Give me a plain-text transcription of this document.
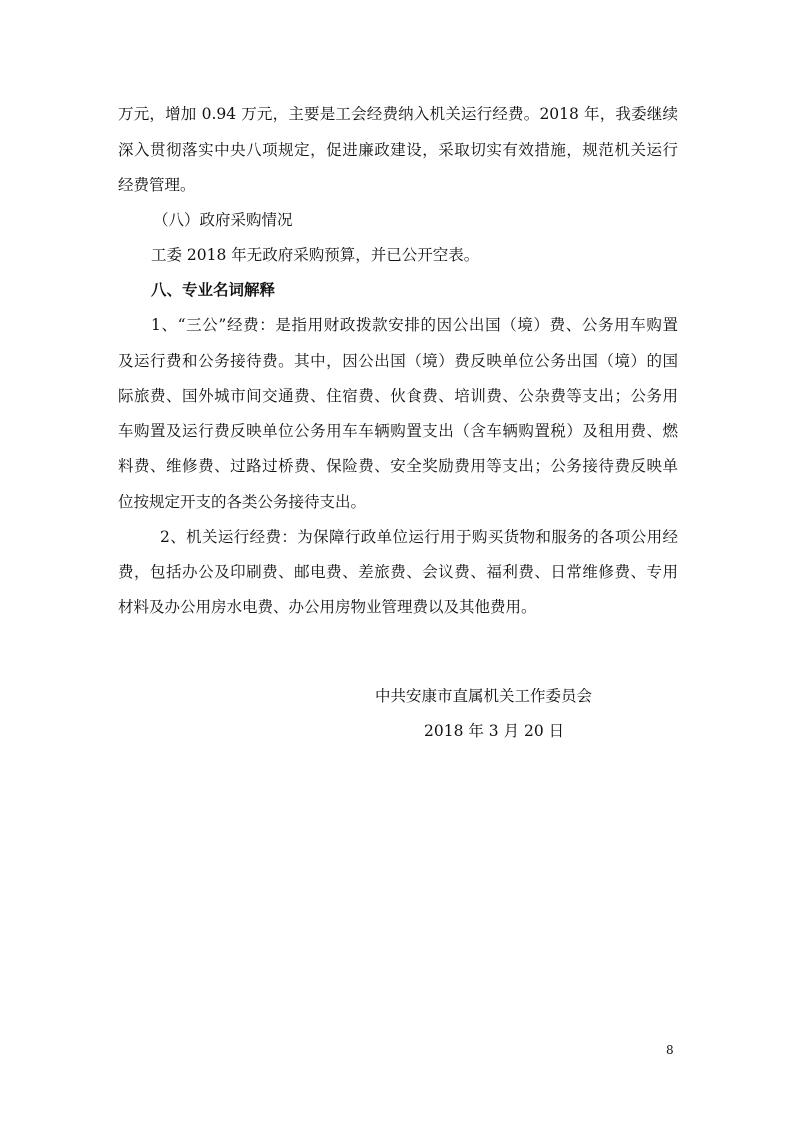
万元，增加 0.94 万元，主要是工会经费纳入机关运行经费。2018 年，我委继续
深入贯彻落实中央八项规定，促进廉政建设，采取切实有效措施，规范机关运行
经费管理。
（八）政府采购情况
工委 2018 年无政府采购预算，并已公开空表。
八、专业名词解释
1、“三公”经费：是指用财政拨款安排的因公出国（境）费、公务用车购置
及运行费和公务接待费。其中，因公出国（境）费反映单位公务出国（境）的国
际旅费、国外城市间交通费、住宿费、伙食费、培训费、公杂费等支出；公务用
车购置及运行费反映单位公务用车车辆购置支出（含车辆购置税）及租用费、燃
料费、维修费、过路过桥费、保险费、安全奖励费用等支出；公务接待费反映单
位按规定开支的各类公务接待支出。
2、机关运行经费：为保障行政单位运行用于购买货物和服务的各项公用经
费，包括办公及印刷费、邮电费、差旅费、会议费、福利费、日常维修费、专用
材料及办公用房水电费、办公用房物业管理费以及其他费用。
中共安康市直属机关工作委员会
2018 年 3 月 20 日
8
